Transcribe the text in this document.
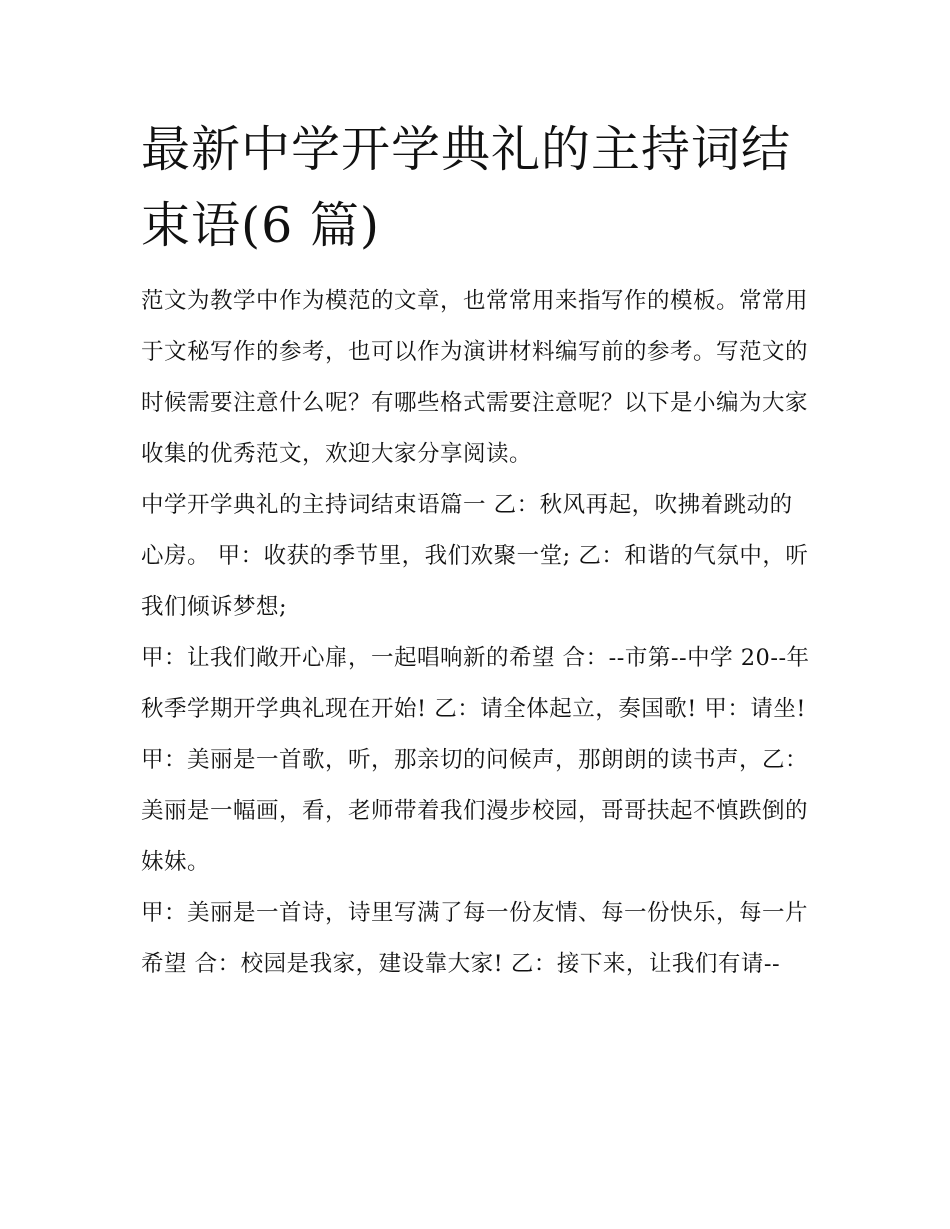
最新中学开学典礼的主持词结束语(6 篇)

范文为教学中作为模范的文章，也常常用来指写作的模板。常常用于文秘写作的参考，也可以作为演讲材料编写前的参考。写范文的时候需要注意什么呢？有哪些格式需要注意呢？以下是小编为大家收集的优秀范文，欢迎大家分享阅读。

中学开学典礼的主持词结束语篇一 乙：秋风再起，吹拂着跳动的心房。 甲：收获的季节里，我们欢聚一堂; 乙：和谐的气氛中，听我们倾诉梦想;

甲：让我们敞开心扉，一起唱响新的希望 合：--市第--中学 20--年秋季学期开学典礼现在开始! 乙：请全体起立，奏国歌! 甲：请坐!

甲：美丽是一首歌，听，那亲切的问候声，那朗朗的读书声，乙：美丽是一幅画，看，老师带着我们漫步校园，哥哥扶起不慎跌倒的妹妹。

甲：美丽是一首诗，诗里写满了每一份友情、每一份快乐，每一片希望 合：校园是我家，建设靠大家! 乙：接下来，让我们有请--
